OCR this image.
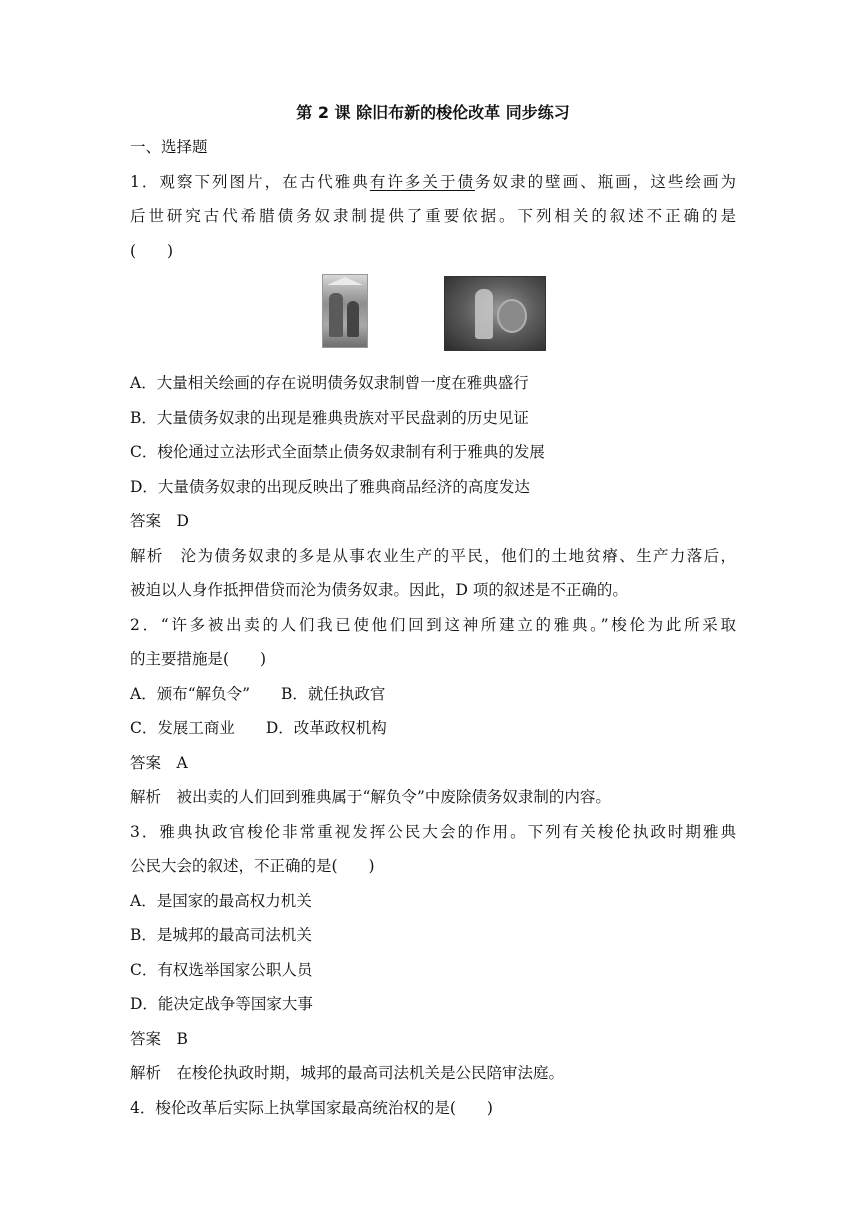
第 2 课 除旧布新的梭伦改革 同步练习
一、选择题
1．观察下列图片，在古代雅典有许多关于债务奴隶的壁画、瓶画，这些绘画为
后世研究古代希腊债务奴隶制提供了重要依据。下列相关的叙述不正确的是
(　　)
A．大量相关绘画的存在说明债务奴隶制曾一度在雅典盛行
B．大量债务奴隶的出现是雅典贵族对平民盘剥的历史见证
C．梭伦通过立法形式全面禁止债务奴隶制有利于雅典的发展
D．大量债务奴隶的出现反映出了雅典商品经济的高度发达
答案　D
解析　沦为债务奴隶的多是从事农业生产的平民，他们的土地贫瘠、生产力落后，
被迫以人身作抵押借贷而沦为债务奴隶。因此，D 项的叙述是不正确的。
2．“许多被出卖的人们我已使他们回到这神所建立的雅典。”梭伦为此所采取
的主要措施是(　　)
A．颁布“解负令”　　B．就任执政官
C．发展工商业　　D．改革政权机构
答案　A
解析　被出卖的人们回到雅典属于“解负令”中废除债务奴隶制的内容。
3．雅典执政官梭伦非常重视发挥公民大会的作用。下列有关梭伦执政时期雅典
公民大会的叙述，不正确的是(　　)
A．是国家的最高权力机关
B．是城邦的最高司法机关
C．有权选举国家公职人员
D．能决定战争等国家大事
答案　B
解析　在梭伦执政时期，城邦的最高司法机关是公民陪审法庭。
4．梭伦改革后实际上执掌国家最高统治权的是(　　)
